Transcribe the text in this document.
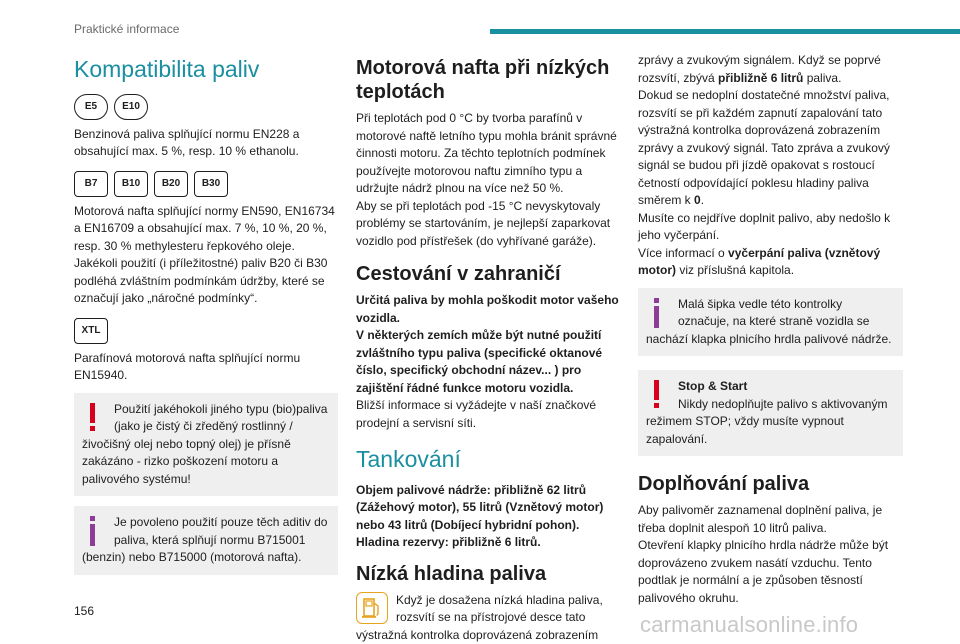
Praktické informace
Kompatibilita paliv
E5	E10

Benzinová paliva splňující normu EN228 a obsahující max. 5 %, resp. 10 % ethanolu.

B7	B10	B20	B30

Motorová nafta splňující normy EN590, EN16734 a EN16709 a obsahující max. 7 %, 10 %, 20 %, resp. 30 % methylesteru řepkového oleje. Jakékoli použití (i příležitostné) paliv B20 či B30 podléhá zvláštním podmínkám údržby, které se označují jako „náročné podmínky“.

XTL

Parafínová motorová nafta splňující normu EN15940.

Použití jakéhokoli jiného typu (bio)paliva (jako je čistý či zředěný rostlinný / živočišný olej nebo topný olej) je přísně zakázáno - rizko poškození motoru a palivového systému!
Je povoleno použití pouze těch aditiv do paliva, která splňují normu B715001 (benzin) nebo B715000 (motorová nafta).
Motorová nafta při nízkých teplotách

Při teplotách pod 0 °C by tvorba parafínů v motorové naftě letního typu mohla bránit správné činnosti motoru. Za těchto teplotních podmínek používejte motorovou naftu zimního typu a udržujte nádrž plnou na více než 50 %.

Aby se při teplotách pod -15 °C nevyskytovaly problémy se startováním, je nejlepší zaparkovat vozidlo pod přístřešek (do vyhřívané garáže).

Cestování v zahraničí

Určitá paliva by mohla poškodit motor vašeho vozidla.

V některých zemích může být nutné použití zvláštního typu paliva (specifické oktanové číslo, specifický obchodní název... ) pro zajištění řádné funkce motoru vozidla.

Bližší informace si vyžádejte v naší značkové prodejní a servisní síti.

Tankování

Objem palivové nádrže: přibližně 62 litrů (Zážehový motor), 55 litrů (Vznětový motor) nebo 43 litrů (Dobíjecí hybridní pohon).

Hladina rezervy: přibližně 6 litrů.

Nízká hladina paliva

Když je dosažena nízká hladina paliva, rozsvítí se na přístrojové desce tato výstražná kontrolka doprovázená zobrazením

zprávy a zvukovým signálem. Když se poprvé rozsvítí, zbývá přibližně 6 litrů paliva.

Dokud se nedoplní dostatečné množství paliva, rozsvítí se při každém zapnutí zapalování tato výstražná kontrolka doprovázená zobrazením zprávy a zvukový signál. Tato zpráva a zvukový signál se budou při jízdě opakovat s rostoucí četností odpovídající poklesu hladiny paliva směrem k 0.

Musíte co nejdříve doplnit palivo, aby nedošlo k jeho vyčerpání.

Více informací o vyčerpání paliva (vznětový motor) viz příslušná kapitola.

Malá šipka vedle této kontrolky označuje, na které straně vozidla se nachází klapka plnicího hrdla palivové nádrže.
Stop & Start
Nikdy nedoplňujte palivo s aktivovaným režimem STOP; vždy musíte vypnout zapalování.
Doplňování paliva

Aby palivoměr zaznamenal doplnění paliva, je třeba doplnit alespoň 10 litrů paliva.

Otevření klapky plnicího hrdla nádrže může být doprovázeno zvukem nasátí vzduchu. Tento podtlak je normální a je způsoben těsností palivového okruhu.

156
carmanualsonline.info
